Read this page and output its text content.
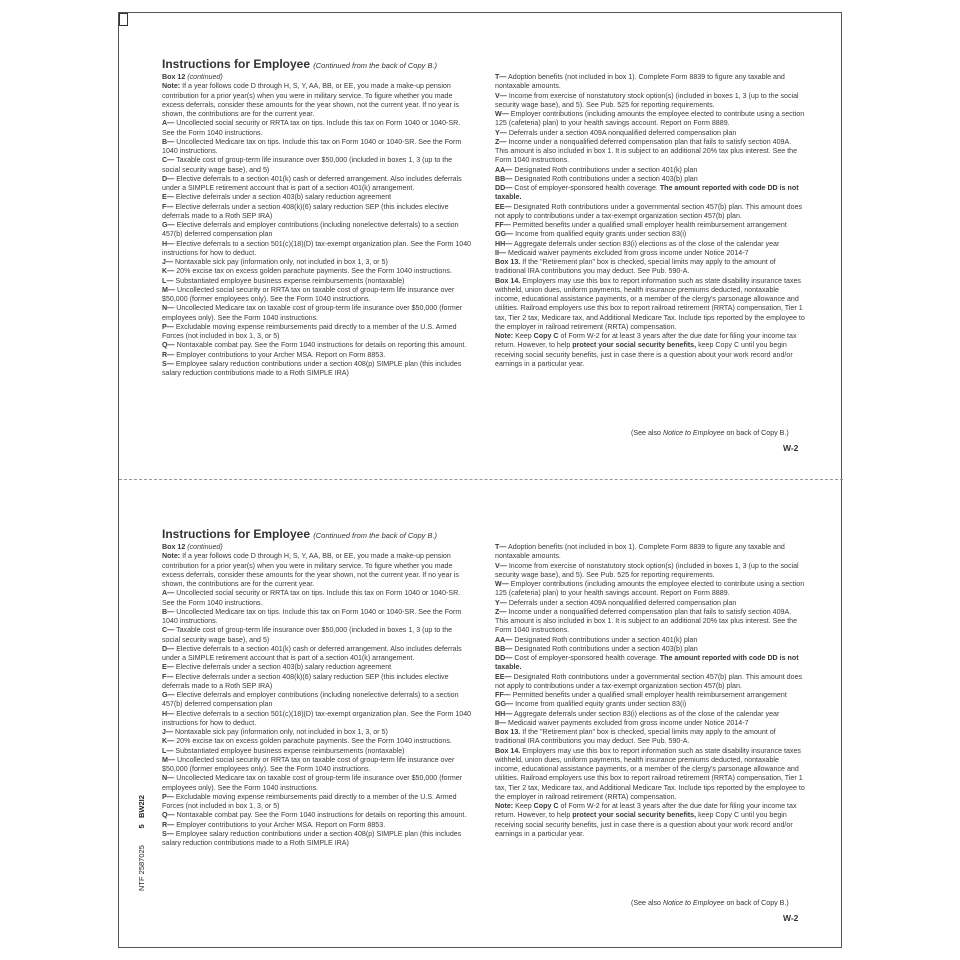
Instructions for Employee (Continued from the back of Copy B.)

Box 12 (continued)

Note: If a year follows code D through H, S, Y, AA, BB, or EE, you made a make-up pension contribution for a prior year(s) when you were in military service. To figure whether you made excess deferrals, consider these amounts for the year shown, not the current year. If no year is shown, the contributions are for the current year.

A— Uncollected social security or RRTA tax on tips. Include this tax on Form 1040 or 1040-SR. See the Form 1040 instructions.

B— Uncollected Medicare tax on tips. Include this tax on Form 1040 or 1040-SR. See the Form 1040 instructions.

C— Taxable cost of group-term life insurance over $50,000 (included in boxes 1, 3 (up to the social security wage base), and 5)

D— Elective deferrals to a section 401(k) cash or deferred arrangement. Also includes deferrals under a SIMPLE retirement account that is part of a section 401(k) arrangement.

E— Elective deferrals under a section 403(b) salary reduction agreement

F— Elective deferrals under a section 408(k)(6) salary reduction SEP (this includes elective deferrals made to a Roth SEP IRA)

G— Elective deferrals and employer contributions (including nonelective deferrals) to a section 457(b) deferred compensation plan

H— Elective deferrals to a section 501(c)(18)(D) tax-exempt organization plan. See the Form 1040 instructions for how to deduct.

J— Nontaxable sick pay (information only, not included in box 1, 3, or 5)

K— 20% excise tax on excess golden parachute payments. See the Form 1040 instructions.

L— Substantiated employee business expense reimbursements (nontaxable)

M— Uncollected social security or RRTA tax on taxable cost of group-term life insurance over $50,000 (former employees only). See the Form 1040 instructions.

N— Uncollected Medicare tax on taxable cost of group-term life insurance over $50,000 (former employees only). See the Form 1040 instructions.

P— Excludable moving expense reimbursements paid directly to a member of the U.S. Armed Forces (not included in box 1, 3, or 5)

Q— Nontaxable combat pay. See the Form 1040 instructions for details on reporting this amount.

R— Employer contributions to your Archer MSA. Report on Form 8853.

S— Employee salary reduction contributions under a section 408(p) SIMPLE plan (this includes salary reduction contributions made to a Roth SIMPLE IRA)

T— Adoption benefits (not included in box 1). Complete Form 8839 to figure any taxable and nontaxable amounts.

V— Income from exercise of nonstatutory stock option(s) (included in boxes 1, 3 (up to the social security wage base), and 5). See Pub. 525 for reporting requirements.

W— Employer contributions (including amounts the employee elected to contribute using a section 125 (cafeteria) plan) to your health savings account. Report on Form 8889.

Y— Deferrals under a section 409A nonqualified deferred compensation plan

Z— Income under a nonqualified deferred compensation plan that fails to satisfy section 409A. This amount is also included in box 1. It is subject to an additional 20% tax plus interest. See the Form 1040 instructions.

AA— Designated Roth contributions under a section 401(k) plan

BB— Designated Roth contributions under a section 403(b) plan

DD— Cost of employer-sponsored health coverage. The amount reported with code DD is not taxable.

EE— Designated Roth contributions under a governmental section 457(b) plan. This amount does not apply to contributions under a tax-exempt organization section 457(b) plan.

FF— Permitted benefits under a qualified small employer health reimbursement arrangement

GG— Income from qualified equity grants under section 83(i)

HH— Aggregate deferrals under section 83(i) elections as of the close of the calendar year

II— Medicaid waiver payments excluded from gross income under Notice 2014-7

Box 13. If the "Retirement plan" box is checked, special limits may apply to the amount of traditional IRA contributions you may deduct. See Pub. 590-A.

Box 14. Employers may use this box to report information such as state disability insurance taxes withheld, union dues, uniform payments, health insurance premiums deducted, nontaxable income, educational assistance payments, or a member of the clergy's parsonage allowance and utilities. Railroad employers use this box to report railroad retirement (RRTA) compensation, Tier 1 tax, Tier 2 tax, Medicare tax, and Additional Medicare Tax. Include tips reported by the employee to the employer in railroad retirement (RRTA) compensation.

Note: Keep Copy C of Form W-2 for at least 3 years after the due date for filing your income tax return. However, to help protect your social security benefits, keep Copy C until you begin receiving social security benefits, just in case there is a question about your work record and/or earnings in a particular year.

(See also Notice to Employee on back of Copy B.)
W-2
Instructions for Employee (Continued from the back of Copy B.)

Box 12 (continued)

Note: If a year follows code D through H, S, Y, AA, BB, or EE, you made a make-up pension contribution for a prior year(s) when you were in military service. To figure whether you made excess deferrals, consider these amounts for the year shown, not the current year. If no year is shown, the contributions are for the current year.

A— Uncollected social security or RRTA tax on tips. Include this tax on Form 1040 or 1040-SR. See the Form 1040 instructions.

B— Uncollected Medicare tax on tips. Include this tax on Form 1040 or 1040-SR. See the Form 1040 instructions.

C— Taxable cost of group-term life insurance over $50,000 (included in boxes 1, 3 (up to the social security wage base), and 5)

D— Elective deferrals to a section 401(k) cash or deferred arrangement. Also includes deferrals under a SIMPLE retirement account that is part of a section 401(k) arrangement.

E— Elective deferrals under a section 403(b) salary reduction agreement

F— Elective deferrals under a section 408(k)(6) salary reduction SEP (this includes elective deferrals made to a Roth SEP IRA)

G— Elective deferrals and employer contributions (including nonelective deferrals) to a section 457(b) deferred compensation plan

H— Elective deferrals to a section 501(c)(18)(D) tax-exempt organization plan. See the Form 1040 instructions for how to deduct.

J— Nontaxable sick pay (information only, not included in box 1, 3, or 5)

K— 20% excise tax on excess golden parachute payments. See the Form 1040 instructions.

L— Substantiated employee business expense reimbursements (nontaxable)

M— Uncollected social security or RRTA tax on taxable cost of group-term life insurance over $50,000 (former employees only). See the Form 1040 instructions.

N— Uncollected Medicare tax on taxable cost of group-term life insurance over $50,000 (former employees only). See the Form 1040 instructions.

P— Excludable moving expense reimbursements paid directly to a member of the U.S. Armed Forces (not included in box 1, 3, or 5)

Q— Nontaxable combat pay. See the Form 1040 instructions for details on reporting this amount.

R— Employer contributions to your Archer MSA. Report on Form 8853.

S— Employee salary reduction contributions under a section 408(p) SIMPLE plan (this includes salary reduction contributions made to a Roth SIMPLE IRA)

T— Adoption benefits (not included in box 1). Complete Form 8839 to figure any taxable and nontaxable amounts.

V— Income from exercise of nonstatutory stock option(s) (included in boxes 1, 3 (up to the social security wage base), and 5). See Pub. 525 for reporting requirements.

W— Employer contributions (including amounts the employee elected to contribute using a section 125 (cafeteria) plan) to your health savings account. Report on Form 8889.

Y— Deferrals under a section 409A nonqualified deferred compensation plan

Z— Income under a nonqualified deferred compensation plan that fails to satisfy section 409A. This amount is also included in box 1. It is subject to an additional 20% tax plus interest. See the Form 1040 instructions.

AA— Designated Roth contributions under a section 401(k) plan

BB— Designated Roth contributions under a section 403(b) plan

DD— Cost of employer-sponsored health coverage. The amount reported with code DD is not taxable.

EE— Designated Roth contributions under a governmental section 457(b) plan. This amount does not apply to contributions under a tax-exempt organization section 457(b) plan.

FF— Permitted benefits under a qualified small employer health reimbursement arrangement

GG— Income from qualified equity grants under section 83(i)

HH— Aggregate deferrals under section 83(i) elections as of the close of the calendar year

II— Medicaid waiver payments excluded from gross income under Notice 2014-7

Box 13. If the "Retirement plan" box is checked, special limits may apply to the amount of traditional IRA contributions you may deduct. See Pub. 590-A.

Box 14. Employers may use this box to report information such as state disability insurance taxes withheld, union dues, uniform payments, health insurance premiums deducted, nontaxable income, educational assistance payments, or a member of the clergy's parsonage allowance and utilities. Railroad employers use this box to report railroad retirement (RRTA) compensation, Tier 1 tax, Tier 2 tax, Medicare tax, and Additional Medicare Tax. Include tips reported by the employee to the employer in railroad retirement (RRTA) compensation.

Note: Keep Copy C of Form W-2 for at least 3 years after the due date for filing your income tax return. However, to help protect your social security benefits, keep Copy C until you begin receiving social security benefits, just in case there is a question about your work record and/or earnings in a particular year.

(See also Notice to Employee on back of Copy B.)
W-2
NTF 2587025        5   BW2I2
